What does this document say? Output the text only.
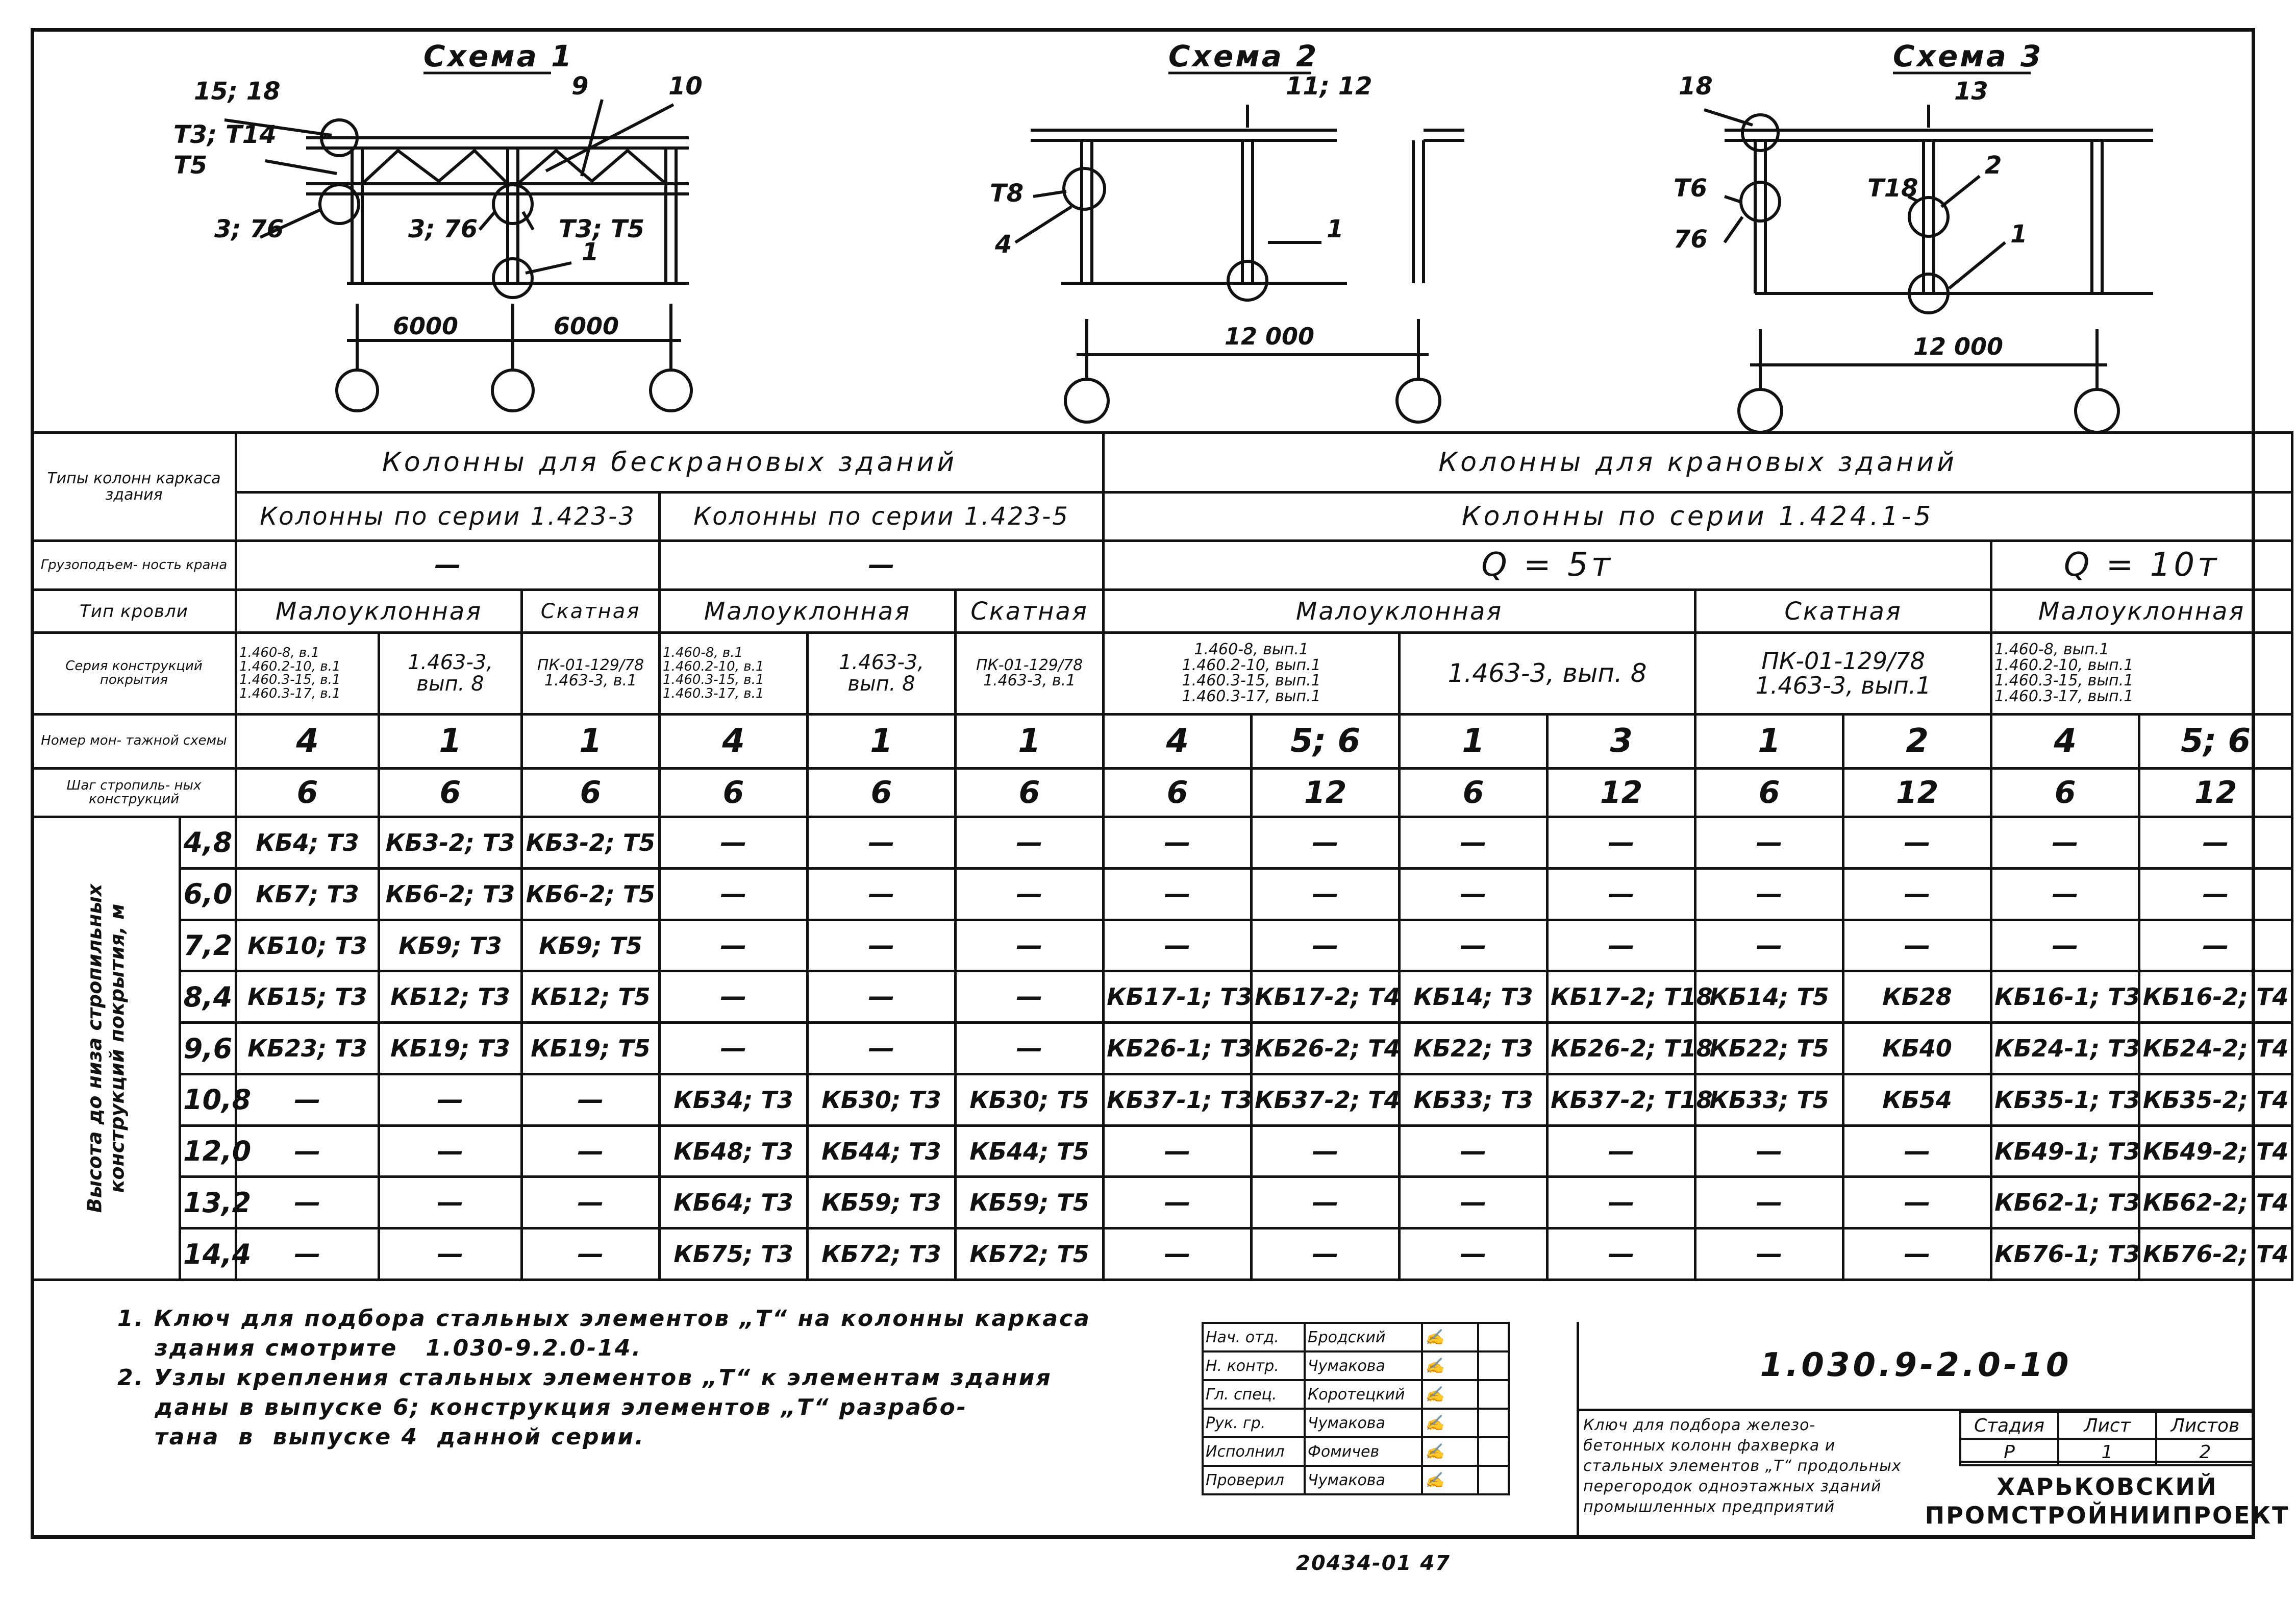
Схема 1
15; 18	9	10
Т3; Т14
Т5
3; 76	3; 76	Т3; Т5
1
6000	6000
Схема 2
11; 12
Т8
4
1
12 000
Схема 3
18	13
Т6	Т18
2
76	1
12 000
Типы колонн каркаса здания		Колонны для бескрановых зданий						Колонны для крановых зданий							
		Колонны по серии 1.423-3			Колонны по серии 1.423-5			Колонны по серии 1.424.1-5							
Грузоподъем- ность крана		—			—			Q = 5т						Q = 10т	
Тип кровли		Малоуклонная		Скатная	Малоуклонная		Скатная	Малоуклонная				Скатная		Малоуклонная	
Серия конструкций покрытия		1.460-8, в.1
1.460.2-10, в.1
1.460.3-15, в.1
1.460.3-17, в.1	1.463-3,
вып. 8	ПК-01-129/78
1.463-3, в.1	1.460-8, в.1
1.460.2-10, в.1
1.460.3-15, в.1
1.460.3-17, в.1	1.463-3,
вып. 8	ПК-01-129/78
1.463-3, в.1	1.460-8, вып.1
1.460.2-10, вып.1
1.460.3-15, вып.1
1.460.3-17, вып.1		1.463-3, вып. 8		ПК-01-129/78
1.463-3, вып.1		1.460-8, вып.1
1.460.2-10, вып.1
1.460.3-15, вып.1
1.460.3-17, вып.1	
Номер мон- тажной схемы		4	1	1	4	1	1	4	5; 6	1	3	1	2	4	5; 6
Шаг стропиль- ных конструкций		6	6	6	6	6	6	6	12	6	12	6	12	6	12

Высота до низа стропильных конструкций покрытия, м	4,8	КБ4; Т3	КБ3-2; Т3	КБ3-2; Т5	—	—	—	—	—	—	—	—	—	—	—
	6,0	КБ7; Т3	КБ6-2; Т3	КБ6-2; Т5	—	—	—	—	—	—	—	—	—	—	—
	7,2	КБ10; Т3	КБ9; Т3	КБ9; Т5	—	—	—	—	—	—	—	—	—	—	—
	8,4	КБ15; Т3	КБ12; Т3	КБ12; Т5	—	—	—	КБ17-1; Т3	КБ17-2; Т4	КБ14; Т3	КБ17-2; Т18	КБ14; Т5	КБ28	КБ16-1; Т3	КБ16-2; Т4
	9,6	КБ23; Т3	КБ19; Т3	КБ19; Т5	—	—	—	КБ26-1; Т3	КБ26-2; Т4	КБ22; Т3	КБ26-2; Т18	КБ22; Т5	КБ40	КБ24-1; Т3	КБ24-2; Т4
	10,8	—	—	—	КБ34; Т3	КБ30; Т3	КБ30; Т5	КБ37-1; Т3	КБ37-2; Т4	КБ33; Т3	КБ37-2; Т18	КБ33; Т5	КБ54	КБ35-1; Т3	КБ35-2; Т4
	12,0	—	—	—	КБ48; Т3	КБ44; Т3	КБ44; Т5	—	—	—	—	—	—	КБ49-1; Т3	КБ49-2; Т4
	13,2	—	—	—	КБ64; Т3	КБ59; Т3	КБ59; Т5	—	—	—	—	—	—	КБ62-1; Т3	КБ62-2; Т4
	14,4	—	—	—	КБ75; Т3	КБ72; Т3	КБ72; Т5	—	—	—	—	—	—	КБ76-1; Т3	КБ76-2; Т4
1. Ключ для подбора стальных элементов „Т“ на колонны каркаса
здания смотрите   1.030-9.2.0-14.
2. Узлы крепления стальных элементов „Т“ к элементам здания
даны в выпуске 6; конструкция элементов „Т“ разрабо-
тана  в  выпуске 4  данной серии.
Нач. отд.	Бродский	✍	
Н. контр.	Чумакова	✍	
Гл. спец.	Коротецкий	✍	
Рук. гр.	Чумакова	✍	
Исполнил	Фомичев	✍	
Проверил	Чумакова	✍	
1.030.9-2.0-10
Ключ для подбора железо-
бетонных колонн фахверка и
стальных элементов „Т“ продольных
перегородок одноэтажных зданий
промышленных предприятий
Стадия	Лист	Листов
Р	1	2
ХАРЬКОВСКИЙ
ПРОМСТРОЙНИИПРОЕКТ
20434-01 47
